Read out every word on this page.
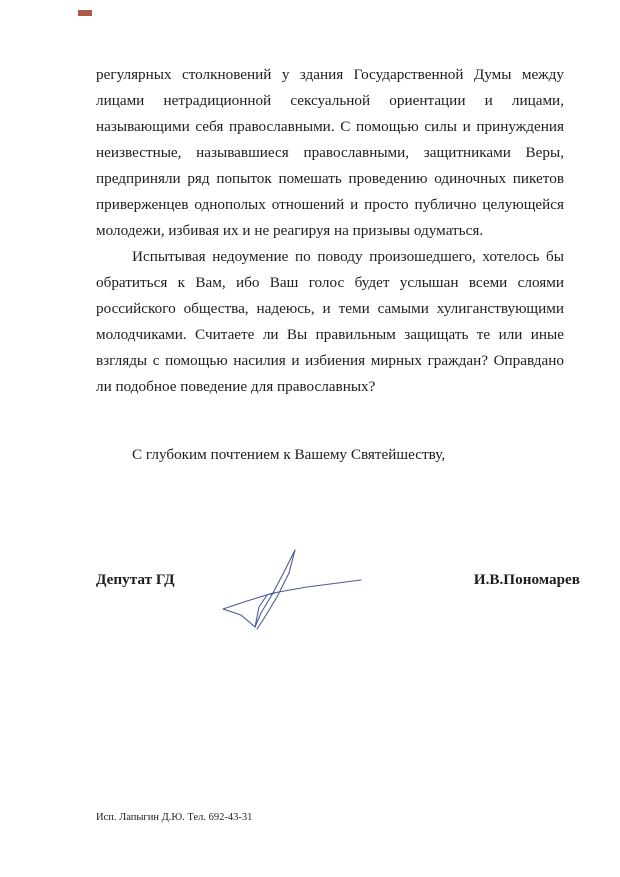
регулярных столкновений у здания Государственной Думы между лицами нетрадиционной сексуальной ориентации и лицами, называющими себя православными. С помощью силы и принуждения неизвестные, называвшиеся православными, защитниками Веры, предприняли ряд попыток помешать проведению одиночных пикетов приверженцев однополых отношений и просто публично целующейся молодежи, избивая их и не реагируя на призывы одуматься.

Испытывая недоумение по поводу произошедшего, хотелось бы обратиться к Вам, ибо Ваш голос будет услышан всеми слоями российского общества, надеюсь, и теми самыми хулиганствующими молодчиками. Считаете ли Вы правильным защищать те или иные взгляды с помощью насилия и избиения мирных граждан? Оправдано ли подобное поведение для православных?

С глубоким почтением к Вашему Святейшеству,
Депутат ГД	И.В.Пономарев
Исп. Лапыгин Д.Ю. Тел. 692-43-31
